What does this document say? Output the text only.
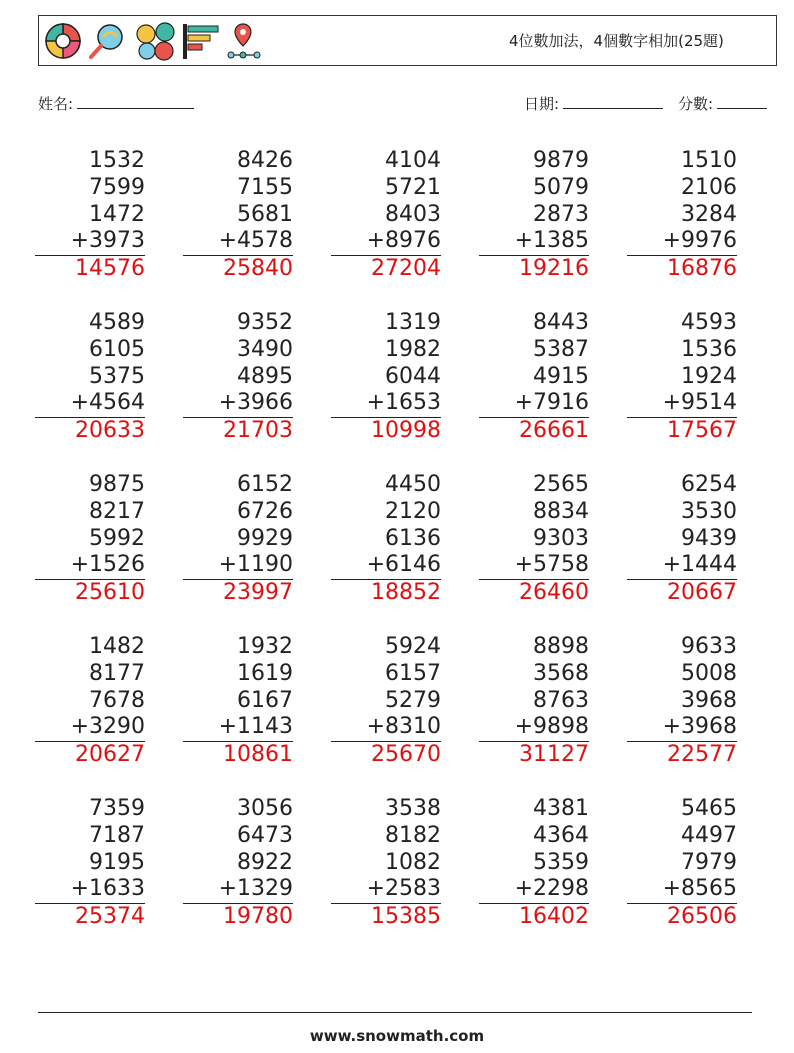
4位數加法，4個數字相加(25題)
姓名:	日期:	分數:
1532
7599
1472
+3973
14576
8426
7155
5681
+4578
25840
4104
5721
8403
+8976
27204
9879
5079
2873
+1385
19216
1510
2106
3284
+9976
16876
4589
6105
5375
+4564
20633
9352
3490
4895
+3966
21703
1319
1982
6044
+1653
10998
8443
5387
4915
+7916
26661
4593
1536
1924
+9514
17567
9875
8217
5992
+1526
25610
6152
6726
9929
+1190
23997
4450
2120
6136
+6146
18852
2565
8834
9303
+5758
26460
6254
3530
9439
+1444
20667
1482
8177
7678
+3290
20627
1932
1619
6167
+1143
10861
5924
6157
5279
+8310
25670
8898
3568
8763
+9898
31127
9633
5008
3968
+3968
22577
7359
7187
9195
+1633
25374
3056
6473
8922
+1329
19780
3538
8182
1082
+2583
15385
4381
4364
5359
+2298
16402
5465
4497
7979
+8565
26506
www.snowmath.com
